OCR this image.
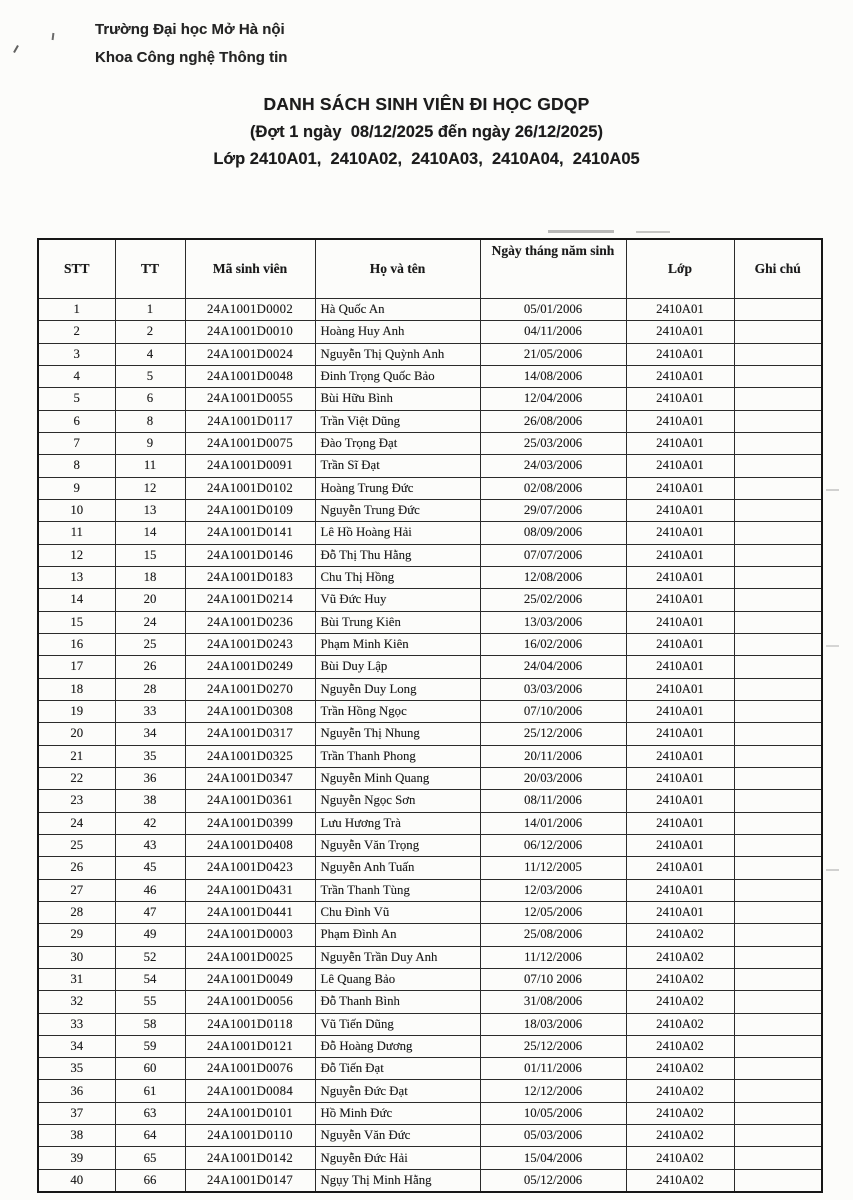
Trường Đại học Mở Hà nội
Khoa Công nghệ Thông tin
DANH SÁCH SINH VIÊN ĐI HỌC GDQP
(Đợt 1 ngày  08/12/2025 đến ngày 26/12/2025)
Lớp 2410A01,  2410A02,  2410A03,  2410A04,  2410A05
STT	TT	Mã sinh viên	Họ và tên	Ngày tháng năm sinh	Lớp	Ghi chú
1	1	24A1001D0002	Hà Quốc An	05/01/2006	2410A01	
2	2	24A1001D0010	Hoàng Huy Anh	04/11/2006	2410A01	
3	4	24A1001D0024	Nguyễn Thị Quỳnh Anh	21/05/2006	2410A01	
4	5	24A1001D0048	Đinh Trọng Quốc Bảo	14/08/2006	2410A01	
5	6	24A1001D0055	Bùi Hữu Bình	12/04/2006	2410A01	
6	8	24A1001D0117	Trần Việt Dũng	26/08/2006	2410A01	
7	9	24A1001D0075	Đào Trọng Đạt	25/03/2006	2410A01	
8	11	24A1001D0091	Trần Sĩ Đạt	24/03/2006	2410A01	
9	12	24A1001D0102	Hoàng Trung Đức	02/08/2006	2410A01	
10	13	24A1001D0109	Nguyễn Trung Đức	29/07/2006	2410A01	
11	14	24A1001D0141	Lê Hồ Hoàng Hải	08/09/2006	2410A01	
12	15	24A1001D0146	Đỗ Thị Thu Hằng	07/07/2006	2410A01	
13	18	24A1001D0183	Chu Thị Hồng	12/08/2006	2410A01	
14	20	24A1001D0214	Vũ Đức Huy	25/02/2006	2410A01	
15	24	24A1001D0236	Bùi Trung Kiên	13/03/2006	2410A01	
16	25	24A1001D0243	Phạm Minh Kiên	16/02/2006	2410A01	
17	26	24A1001D0249	Bùi Duy Lập	24/04/2006	2410A01	
18	28	24A1001D0270	Nguyễn Duy Long	03/03/2006	2410A01	
19	33	24A1001D0308	Trần Hồng Ngọc	07/10/2006	2410A01	
20	34	24A1001D0317	Nguyễn Thị Nhung	25/12/2006	2410A01	
21	35	24A1001D0325	Trần Thanh Phong	20/11/2006	2410A01	
22	36	24A1001D0347	Nguyễn Minh Quang	20/03/2006	2410A01	
23	38	24A1001D0361	Nguyễn Ngọc Sơn	08/11/2006	2410A01	
24	42	24A1001D0399	Lưu Hương Trà	14/01/2006	2410A01	
25	43	24A1001D0408	Nguyễn Văn Trọng	06/12/2006	2410A01	
26	45	24A1001D0423	Nguyễn Anh Tuấn	11/12/2005	2410A01	
27	46	24A1001D0431	Trần Thanh Tùng	12/03/2006	2410A01	
28	47	24A1001D0441	Chu Đình Vũ	12/05/2006	2410A01	
29	49	24A1001D0003	Phạm Đình An	25/08/2006	2410A02	
30	52	24A1001D0025	Nguyễn Trần Duy Anh	11/12/2006	2410A02	
31	54	24A1001D0049	Lê Quang Bảo	07/10 2006	2410A02	
32	55	24A1001D0056	Đỗ Thanh Bình	31/08/2006	2410A02	
33	58	24A1001D0118	Vũ Tiến Dũng	18/03/2006	2410A02	
34	59	24A1001D0121	Đỗ Hoàng Dương	25/12/2006	2410A02	
35	60	24A1001D0076	Đỗ Tiến Đạt	01/11/2006	2410A02	
36	61	24A1001D0084	Nguyễn Đức Đạt	12/12/2006	2410A02	
37	63	24A1001D0101	Hồ Minh Đức	10/05/2006	2410A02	
38	64	24A1001D0110	Nguyễn Văn Đức	05/03/2006	2410A02	
39	65	24A1001D0142	Nguyễn Đức Hải	15/04/2006	2410A02	
40	66	24A1001D0147	Ngụy Thị Minh Hằng	05/12/2006	2410A02	
